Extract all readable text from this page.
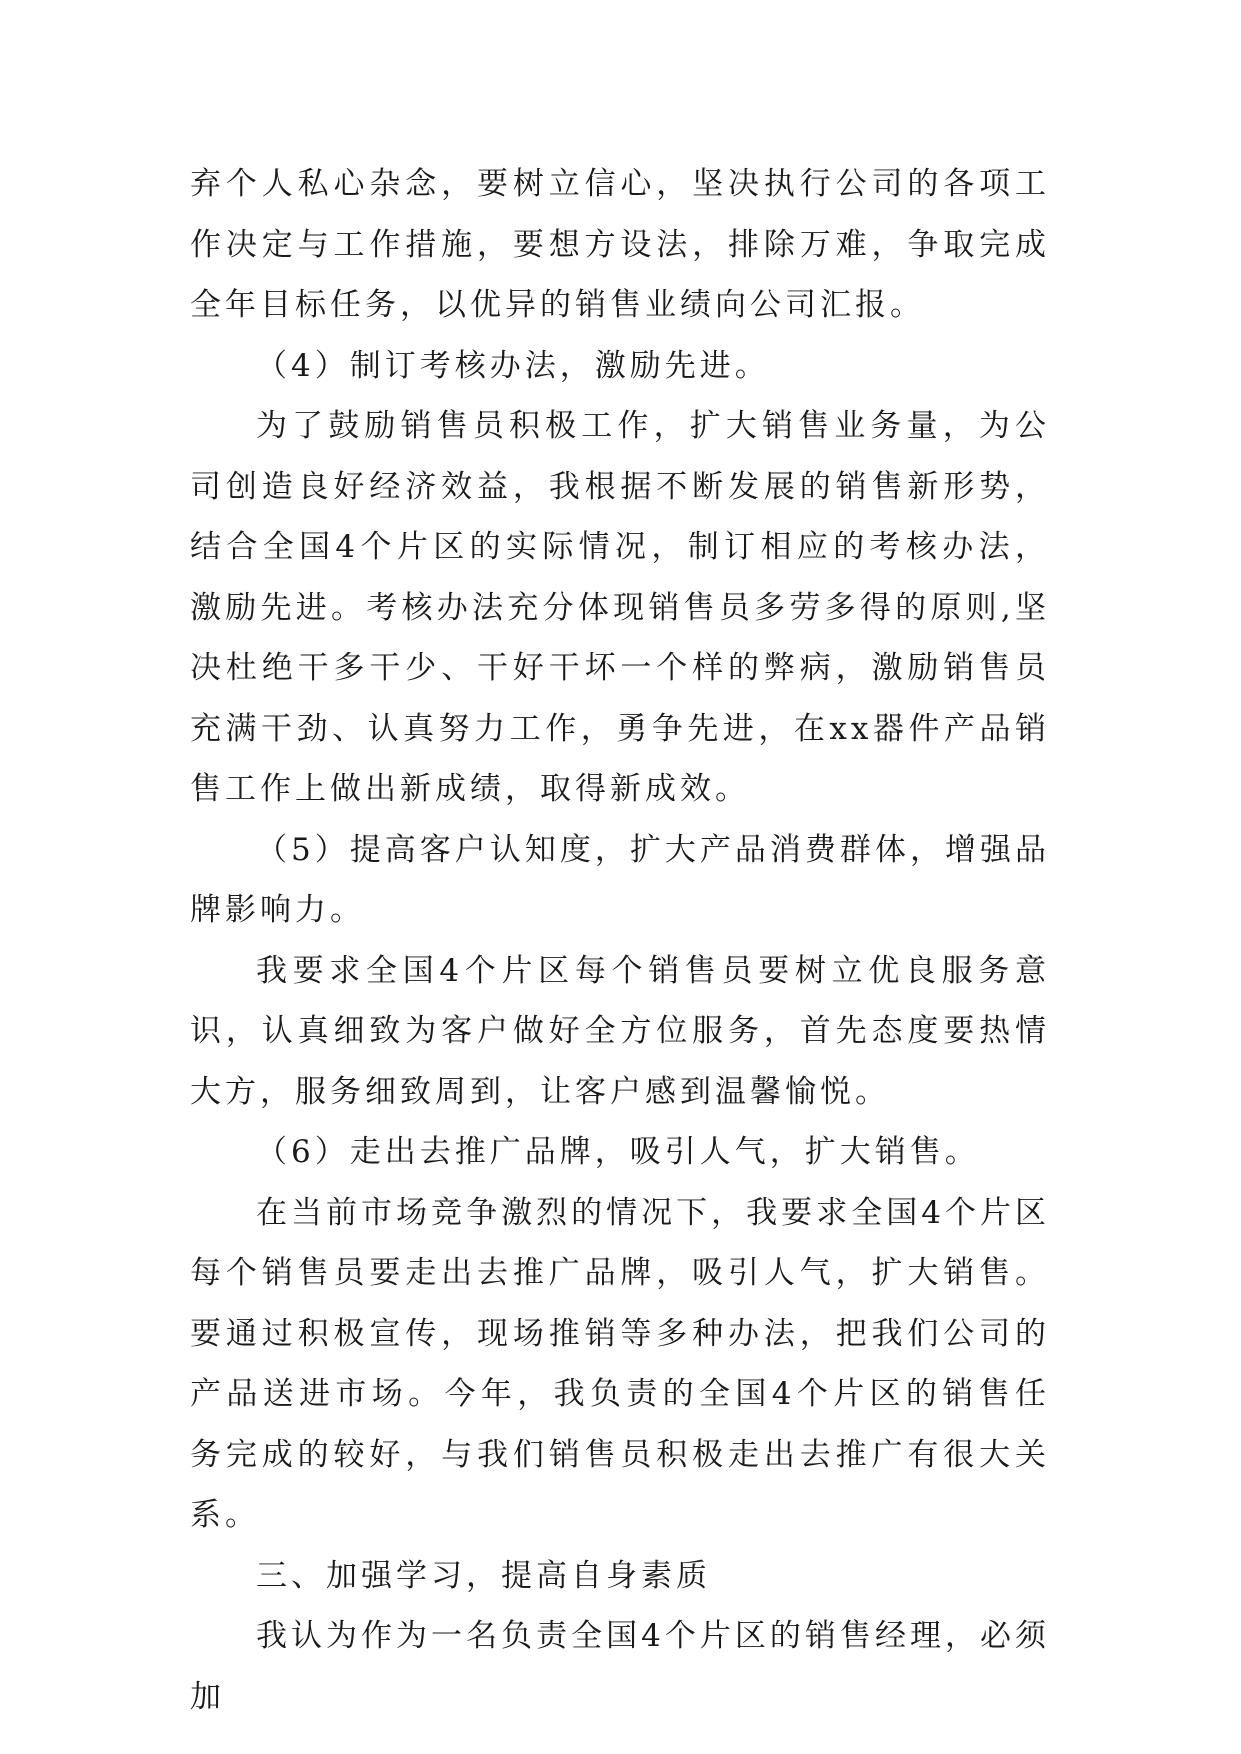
弃个人私心杂念，要树立信心，坚决执行公司的各项工作决定与工作措施，要想方设法，排除万难，争取完成全年目标任务，以优异的销售业绩向公司汇报。

（4）制订考核办法，激励先进。

为了鼓励销售员积极工作，扩大销售业务量，为公司创造良好经济效益，我根据不断发展的销售新形势，结合全国4个片区的实际情况，制订相应的考核办法，激励先进。考核办法充分体现销售员多劳多得的原则,坚决杜绝干多干少、干好干坏一个样的弊病，激励销售员充满干劲、认真努力工作，勇争先进，在xx器件产品销售工作上做出新成绩，取得新成效。

（5）提高客户认知度，扩大产品消费群体，增强品牌影响力。

我要求全国4个片区每个销售员要树立优良服务意识，认真细致为客户做好全方位服务，首先态度要热情大方，服务细致周到，让客户感到温馨愉悦。

（6）走出去推广品牌，吸引人气，扩大销售。

在当前市场竞争激烈的情况下，我要求全国4个片区每个销售员要走出去推广品牌，吸引人气，扩大销售。要通过积极宣传，现场推销等多种办法，把我们公司的产品送进市场。今年，我负责的全国4个片区的销售任务完成的较好，与我们销售员积极走出去推广有很大关系。

三、加强学习，提高自身素质

我认为作为一名负责全国4个片区的销售经理，必须加
